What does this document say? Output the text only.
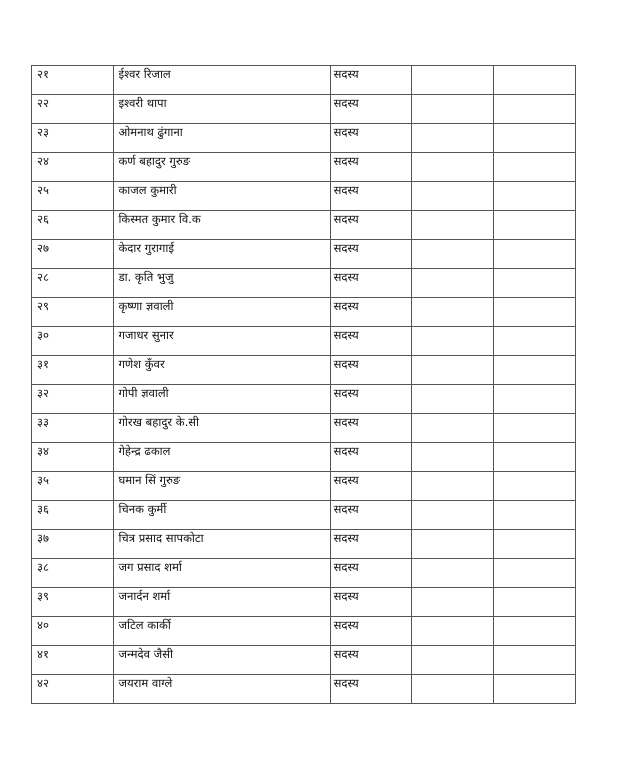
२१	ईश्वर रिजाल	सदस्य		

२२	इश्वरी थापा	सदस्य		

२३	ओमनाथ ढुंगाना	सदस्य		

२४	कर्ण बहादुर गुरुङ	सदस्य		

२५	काजल कुमारी	सदस्य		

२६	किस्मत कुमार वि.क	सदस्य		

२७	केदार गुरागाई	सदस्य		

२८	डा. कृति भुजु	सदस्य		

२९	कृष्णा ज्ञवाली	सदस्य		

३०	गजाधर सुनार	सदस्य		

३१	गणेश कुँवर	सदस्य		

३२	गोपी ज्ञवाली	सदस्य		

३३	गोरख बहादुर के.सी	सदस्य		

३४	गेहेन्द्र ढकाल	सदस्य		

३५	घमान सिं गुरुङ	सदस्य		

३६	चिनक कुर्मी	सदस्य		

३७	चित्र प्रसाद सापकोटा	सदस्य		

३८	जग प्रसाद शर्मा	सदस्य		

३९	जनार्दन शर्मा	सदस्य		

४०	जटिल कार्की	सदस्य		

४१	जन्मदेव जैसी	सदस्य		

४२	जयराम वाग्ले	सदस्य		
